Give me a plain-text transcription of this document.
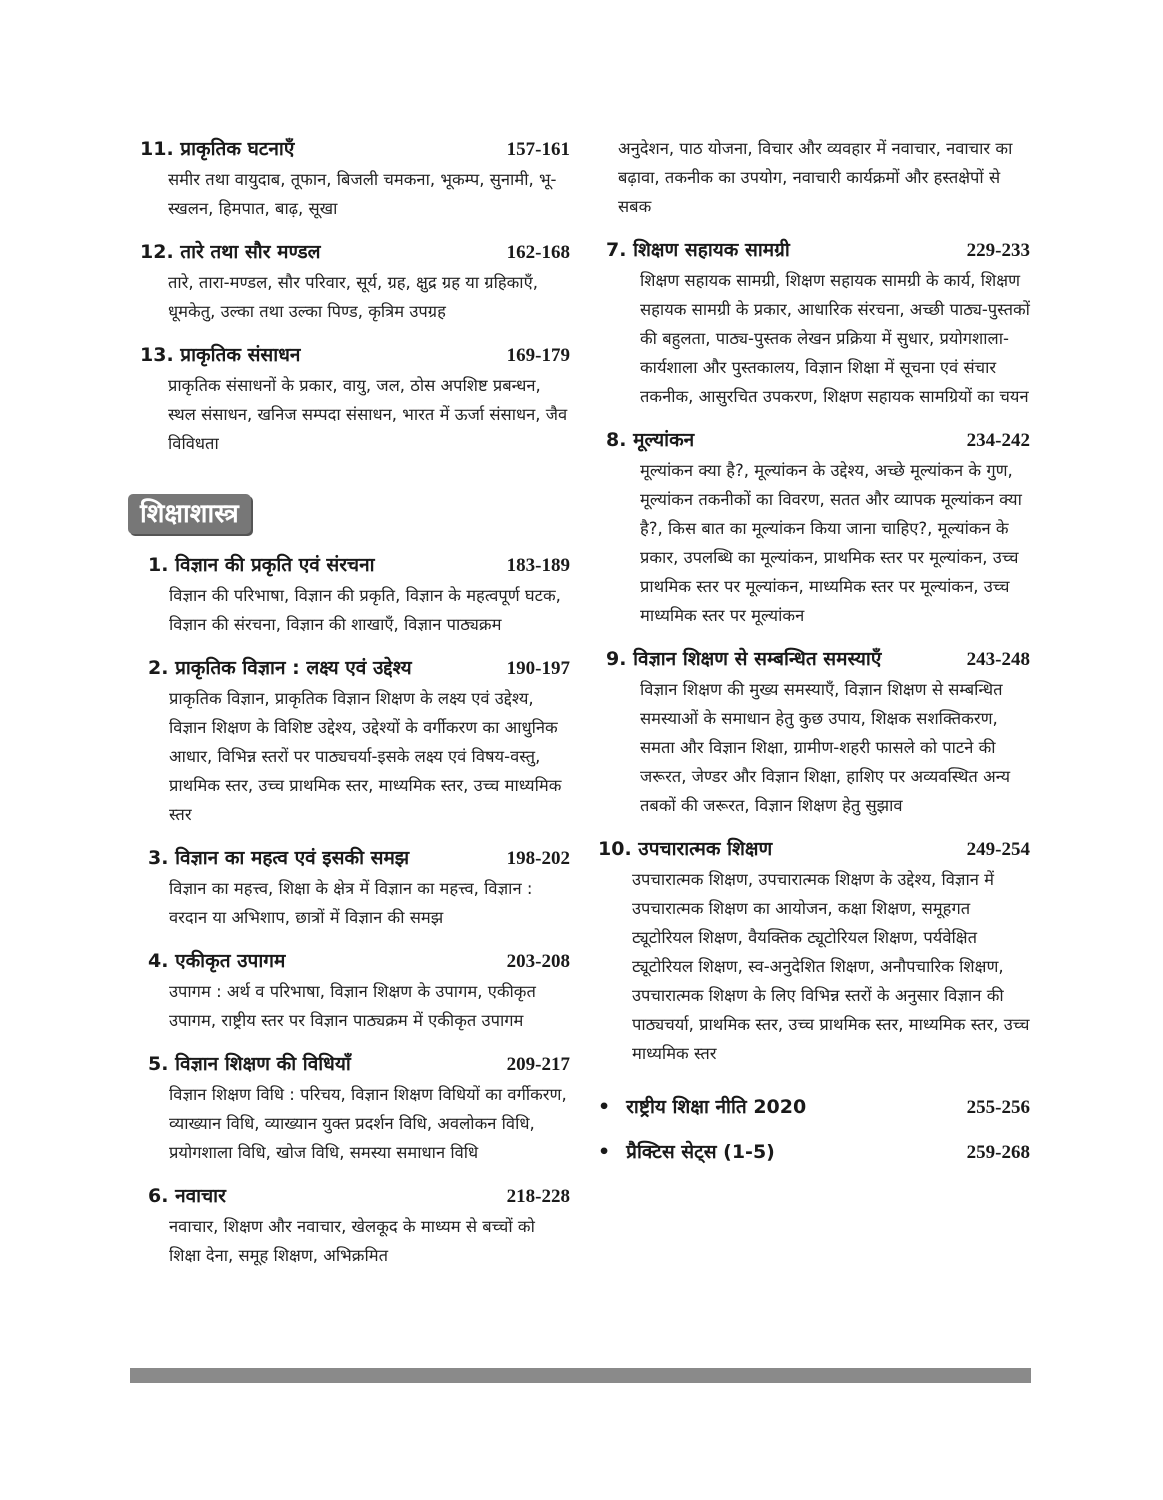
11. प्राकृतिक घटनाएँ	157-161
समीर तथा वायुदाब, तूफान, बिजली चमकना, भूकम्प, सुनामी, भू-स्खलन, हिमपात, बाढ़, सूखा
12. तारे तथा सौर मण्डल	162-168
तारे, तारा-मण्डल, सौर परिवार, सूर्य, ग्रह, क्षुद्र ग्रह या ग्रहिकाएँ, धूमकेतु, उल्का तथा उल्का पिण्ड, कृत्रिम उपग्रह
13. प्राकृतिक संसाधन	169-179
प्राकृतिक संसाधनों के प्रकार, वायु, जल, ठोस अपशिष्ट प्रबन्धन, स्थल संसाधन, खनिज सम्पदा संसाधन, भारत में ऊर्जा संसाधन, जैव विविधता
शिक्षाशास्त्र
1. विज्ञान की प्रकृति एवं संरचना	183-189
विज्ञान की परिभाषा, विज्ञान की प्रकृति, विज्ञान के महत्वपूर्ण घटक, विज्ञान की संरचना, विज्ञान की शाखाएँ, विज्ञान पाठ्यक्रम
2. प्राकृतिक विज्ञान : लक्ष्य एवं उद्देश्य	190-197
प्राकृतिक विज्ञान, प्राकृतिक विज्ञान शिक्षण के लक्ष्य एवं उद्देश्य, विज्ञान शिक्षण के विशिष्ट उद्देश्य, उद्देश्यों के वर्गीकरण का आधुनिक आधार, विभिन्न स्तरों पर पाठ्यचर्या-इसके लक्ष्य एवं विषय-वस्तु, प्राथमिक स्तर, उच्च प्राथमिक स्तर, माध्यमिक स्तर, उच्च माध्यमिक स्तर
3. विज्ञान का महत्व एवं इसकी समझ	198-202
विज्ञान का महत्त्व, शिक्षा के क्षेत्र में विज्ञान का महत्त्व, विज्ञान : वरदान या अभिशाप, छात्रों में विज्ञान की समझ
4. एकीकृत उपागम	203-208
उपागम : अर्थ व परिभाषा, विज्ञान शिक्षण के उपागम, एकीकृत उपागम, राष्ट्रीय स्तर पर विज्ञान पाठ्यक्रम में एकीकृत उपागम
5. विज्ञान शिक्षण की विधियाँ	209-217
विज्ञान शिक्षण विधि : परिचय, विज्ञान शिक्षण विधियों का वर्गीकरण, व्याख्यान विधि, व्याख्यान युक्त प्रदर्शन विधि, अवलोकन विधि, प्रयोगशाला विधि, खोज विधि, समस्या समाधान विधि
6. नवाचार	218-228
नवाचार, शिक्षण और नवाचार, खेलकूद के माध्यम से बच्चों को शिक्षा देना, समूह शिक्षण, अभिक्रमित
अनुदेशन, पाठ योजना, विचार और व्यवहार में नवाचार, नवाचार का बढ़ावा, तकनीक का उपयोग, नवाचारी कार्यक्रमों और हस्तक्षेपों से सबक
7. शिक्षण सहायक सामग्री	229-233
शिक्षण सहायक सामग्री, शिक्षण सहायक सामग्री के कार्य, शिक्षण सहायक सामग्री के प्रकार, आधारिक संरचना, अच्छी पाठ्य-पुस्तकों की बहुलता, पाठ्य-पुस्तक लेखन प्रक्रिया में सुधार, प्रयोगशाला-कार्यशाला और पुस्तकालय, विज्ञान शिक्षा में सूचना एवं संचार तकनीक, आसुरचित उपकरण, शिक्षण सहायक सामग्रियों का चयन
8. मूल्यांकन	234-242
मूल्यांकन क्या है?, मूल्यांकन के उद्देश्य, अच्छे मूल्यांकन के गुण, मूल्यांकन तकनीकों का विवरण, सतत और व्यापक मूल्यांकन क्या है?, किस बात का मूल्यांकन किया जाना चाहिए?, मूल्यांकन के प्रकार, उपलब्धि का मूल्यांकन, प्राथमिक स्तर पर मूल्यांकन, उच्च प्राथमिक स्तर पर मूल्यांकन, माध्यमिक स्तर पर मूल्यांकन, उच्च माध्यमिक स्तर पर मूल्यांकन
9. विज्ञान शिक्षण से सम्बन्धित समस्याएँ	243-248
विज्ञान शिक्षण की मुख्य समस्याएँ, विज्ञान शिक्षण से सम्बन्धित समस्याओं के समाधान हेतु कुछ उपाय, शिक्षक सशक्तिकरण, समता और विज्ञान शिक्षा, ग्रामीण-शहरी फासले को पाटने की जरूरत, जेण्डर और विज्ञान शिक्षा, हाशिए पर अव्यवस्थित अन्य तबकों की जरूरत, विज्ञान शिक्षण हेतु सुझाव
10. उपचारात्मक शिक्षण	249-254
उपचारात्मक शिक्षण, उपचारात्मक शिक्षण के उद्देश्य, विज्ञान में उपचारात्मक शिक्षण का आयोजन, कक्षा शिक्षण, समूहगत ट्यूटोरियल शिक्षण, वैयक्तिक ट्यूटोरियल शिक्षण, पर्यवेक्षित ट्यूटोरियल शिक्षण, स्व-अनुदेशित शिक्षण, अनौपचारिक शिक्षण, उपचारात्मक शिक्षण के लिए विभिन्न स्तरों के अनुसार विज्ञान की पाठ्यचर्या, प्राथमिक स्तर, उच्च प्राथमिक स्तर, माध्यमिक स्तर, उच्च माध्यमिक स्तर
• राष्ट्रीय शिक्षा नीति 2020	255-256
• प्रैक्टिस सेट्स (1-5)	259-268
